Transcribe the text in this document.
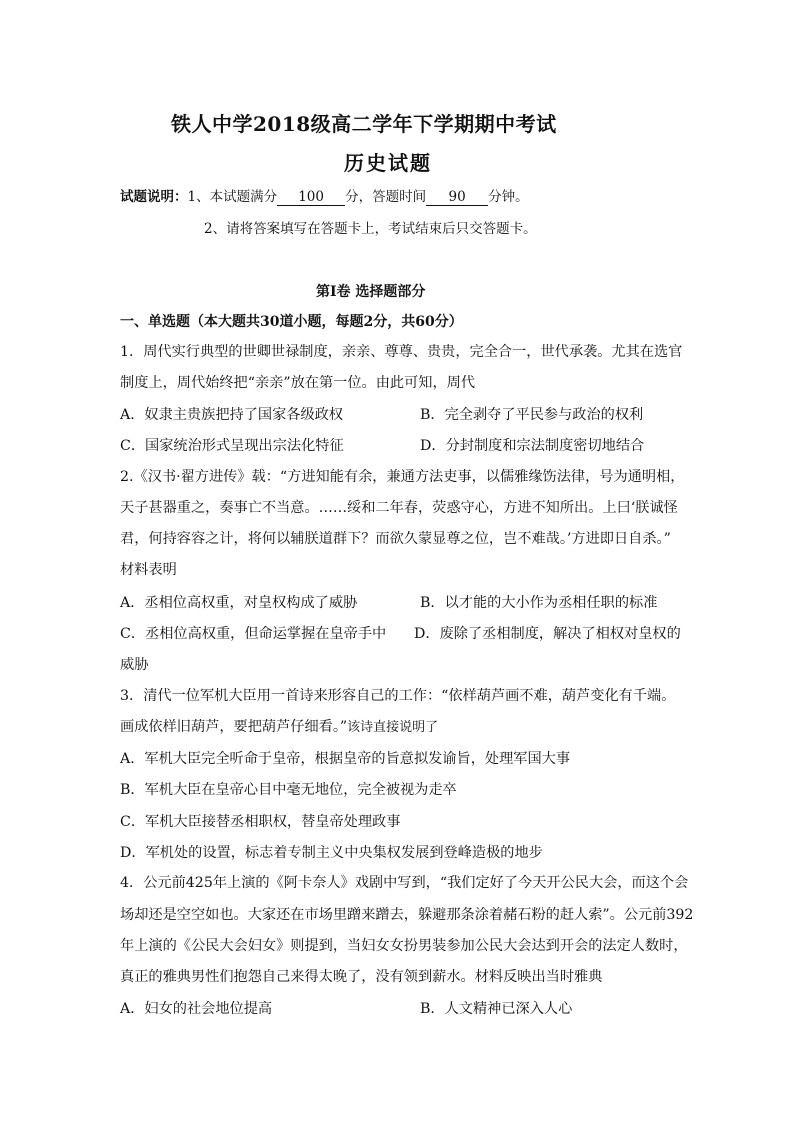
铁人中学2018级高二学年下学期期中考试
历史试题
试题说明：1、本试题满分 100 分，答题时间 90 分钟。
2、请将答案填写在答题卡上，考试结束后只交答题卡。
第Ⅰ卷 选择题部分
一、单选题（本大题共30道小题，每题2分，共60分）
1．周代实行典型的世卿世禄制度，亲亲、尊尊、贵贵，完全合一，世代承袭。尤其在选官
制度上，周代始终把“亲亲”放在第一位。由此可知，周代
A．奴隶主贵族把持了国家各级政权	B．完全剥夺了平民参与政治的权利
C．国家统治形式呈现出宗法化特征	D．分封制度和宗法制度密切地结合
2.《汉书·翟方进传》载：“方进知能有余，兼通方法吏事，以儒雅缘饬法律，号为通明相，
天子甚器重之，奏事亡不当意。……绥和二年春，荧惑守心，方进不知所出。上曰‘朕诚怪
君，何持容容之计，将何以辅朕道群下？而欲久蒙显尊之位，岂不难哉。’方进即日自杀。”
材料表明
A．丞相位高权重，对皇权构成了威胁	B．以才能的大小作为丞相任职的标准
C．丞相位高权重，但命运掌握在皇帝手中 D．废除了丞相制度，解决了相权对皇权的
威胁
3．清代一位军机大臣用一首诗来形容自己的工作：“依样葫芦画不难，葫芦变化有千端。
画成依样旧葫芦，要把葫芦仔细看。”该诗直接说明了
A．军机大臣完全听命于皇帝，根据皇帝的旨意拟发谕旨，处理军国大事
B．军机大臣在皇帝心目中毫无地位，完全被视为走卒
C．军机大臣接替丞相职权，替皇帝处理政事
D．军机处的设置，标志着专制主义中央集权发展到登峰造极的地步
4．公元前425年上演的《阿卡奈人》戏剧中写到，“我们定好了今天开公民大会，而这个会
场却还是空空如也。大家还在市场里蹭来蹭去，躲避那条涂着赭石粉的赶人索”。公元前392
年上演的《公民大会妇女》则提到，当妇女女扮男装参加公民大会达到开会的法定人数时，
真正的雅典男性们抱怨自己来得太晚了，没有领到薪水。材料反映出当时雅典
A．妇女的社会地位提高	B．人文精神已深入人心
